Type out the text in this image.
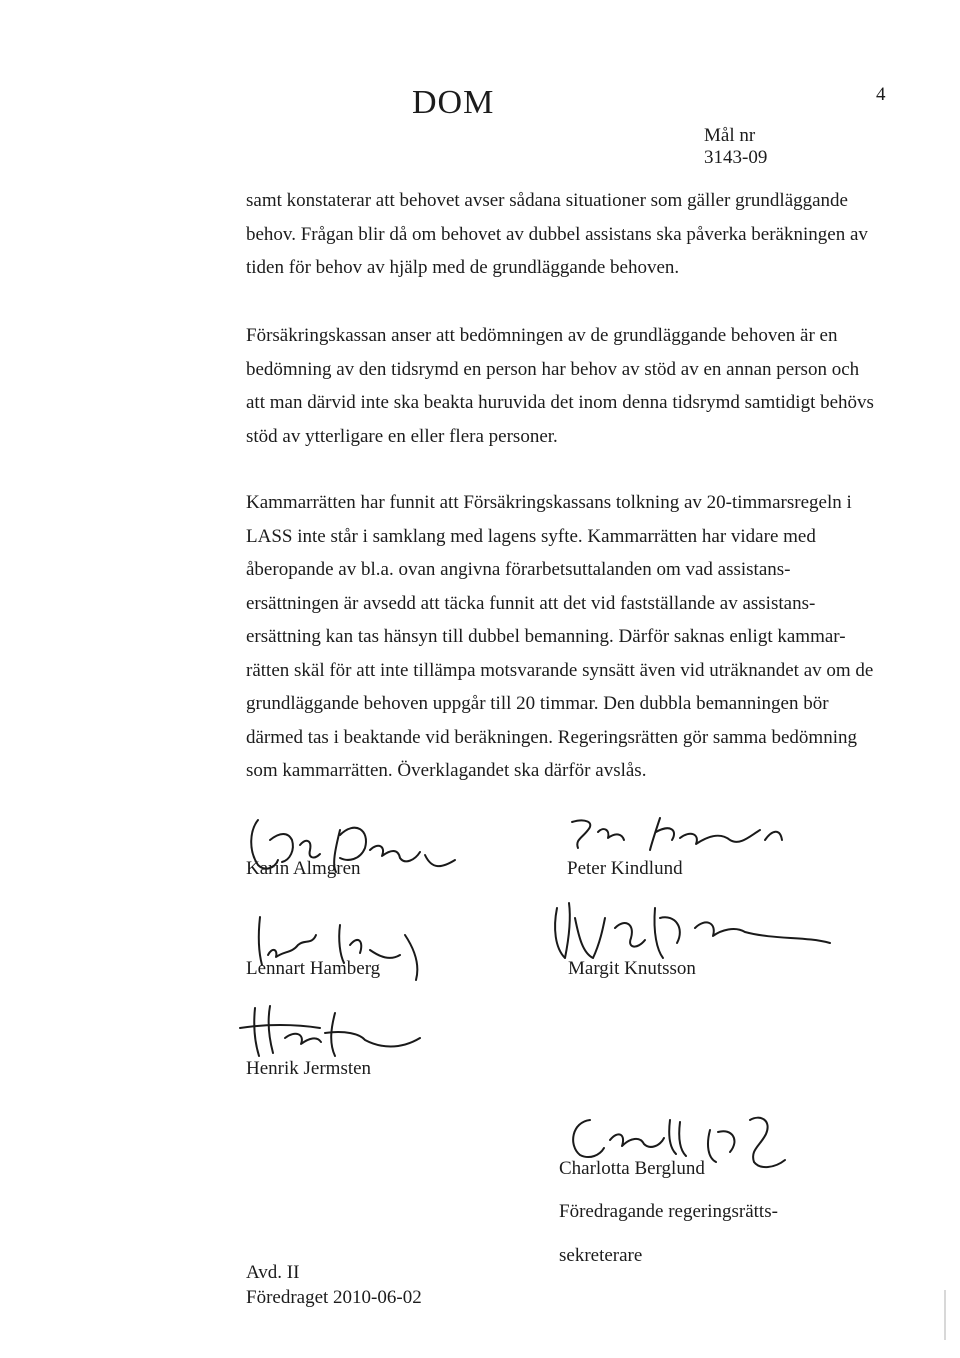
DOM	4
Mål nr
3143-09

samt konstaterar att behovet avser sådana situationer som gäller grundläggande
behov. Frågan blir då om behovet av dubbel assistans ska påverka beräkningen av
tiden för behov av hjälp med de grundläggande behoven.

Försäkringskassan anser att bedömningen av de grundläggande behoven är en
bedömning av den tidsrymd en person har behov av stöd av en annan person och
att man därvid inte ska beakta huruvida det inom denna tidsrymd samtidigt behövs
stöd av ytterligare en eller flera personer.

Kammarrätten har funnit att Försäkringskassans tolkning av 20-timmarsregeln i
LASS inte står i samklang med lagens syfte. Kammarrätten har vidare med
åberopande av bl.a. ovan angivna förarbetsuttalanden om vad assistans-
ersättningen är avsedd att täcka funnit att det vid fastställande av assistans-
ersättning kan tas hänsyn till dubbel bemanning. Därför saknas enligt kammar-
rätten skäl för att inte tillämpa motsvarande synsätt även vid uträknandet av om de
grundläggande behoven uppgår till 20 timmar. Den dubbla bemanningen bör
därmed tas i beaktande vid beräkningen. Regeringsrätten gör samma bedömning
som kammarrätten. Överklagandet ska därför avslås.

Karin Almgren	Peter Kindlund
Lennart Hamberg	Margit Knutsson
Henrik Jermsten
Charlotta Berglund
Föredragande regeringsrätts-
sekreterare
Avd. II
Föredraget 2010-06-02
